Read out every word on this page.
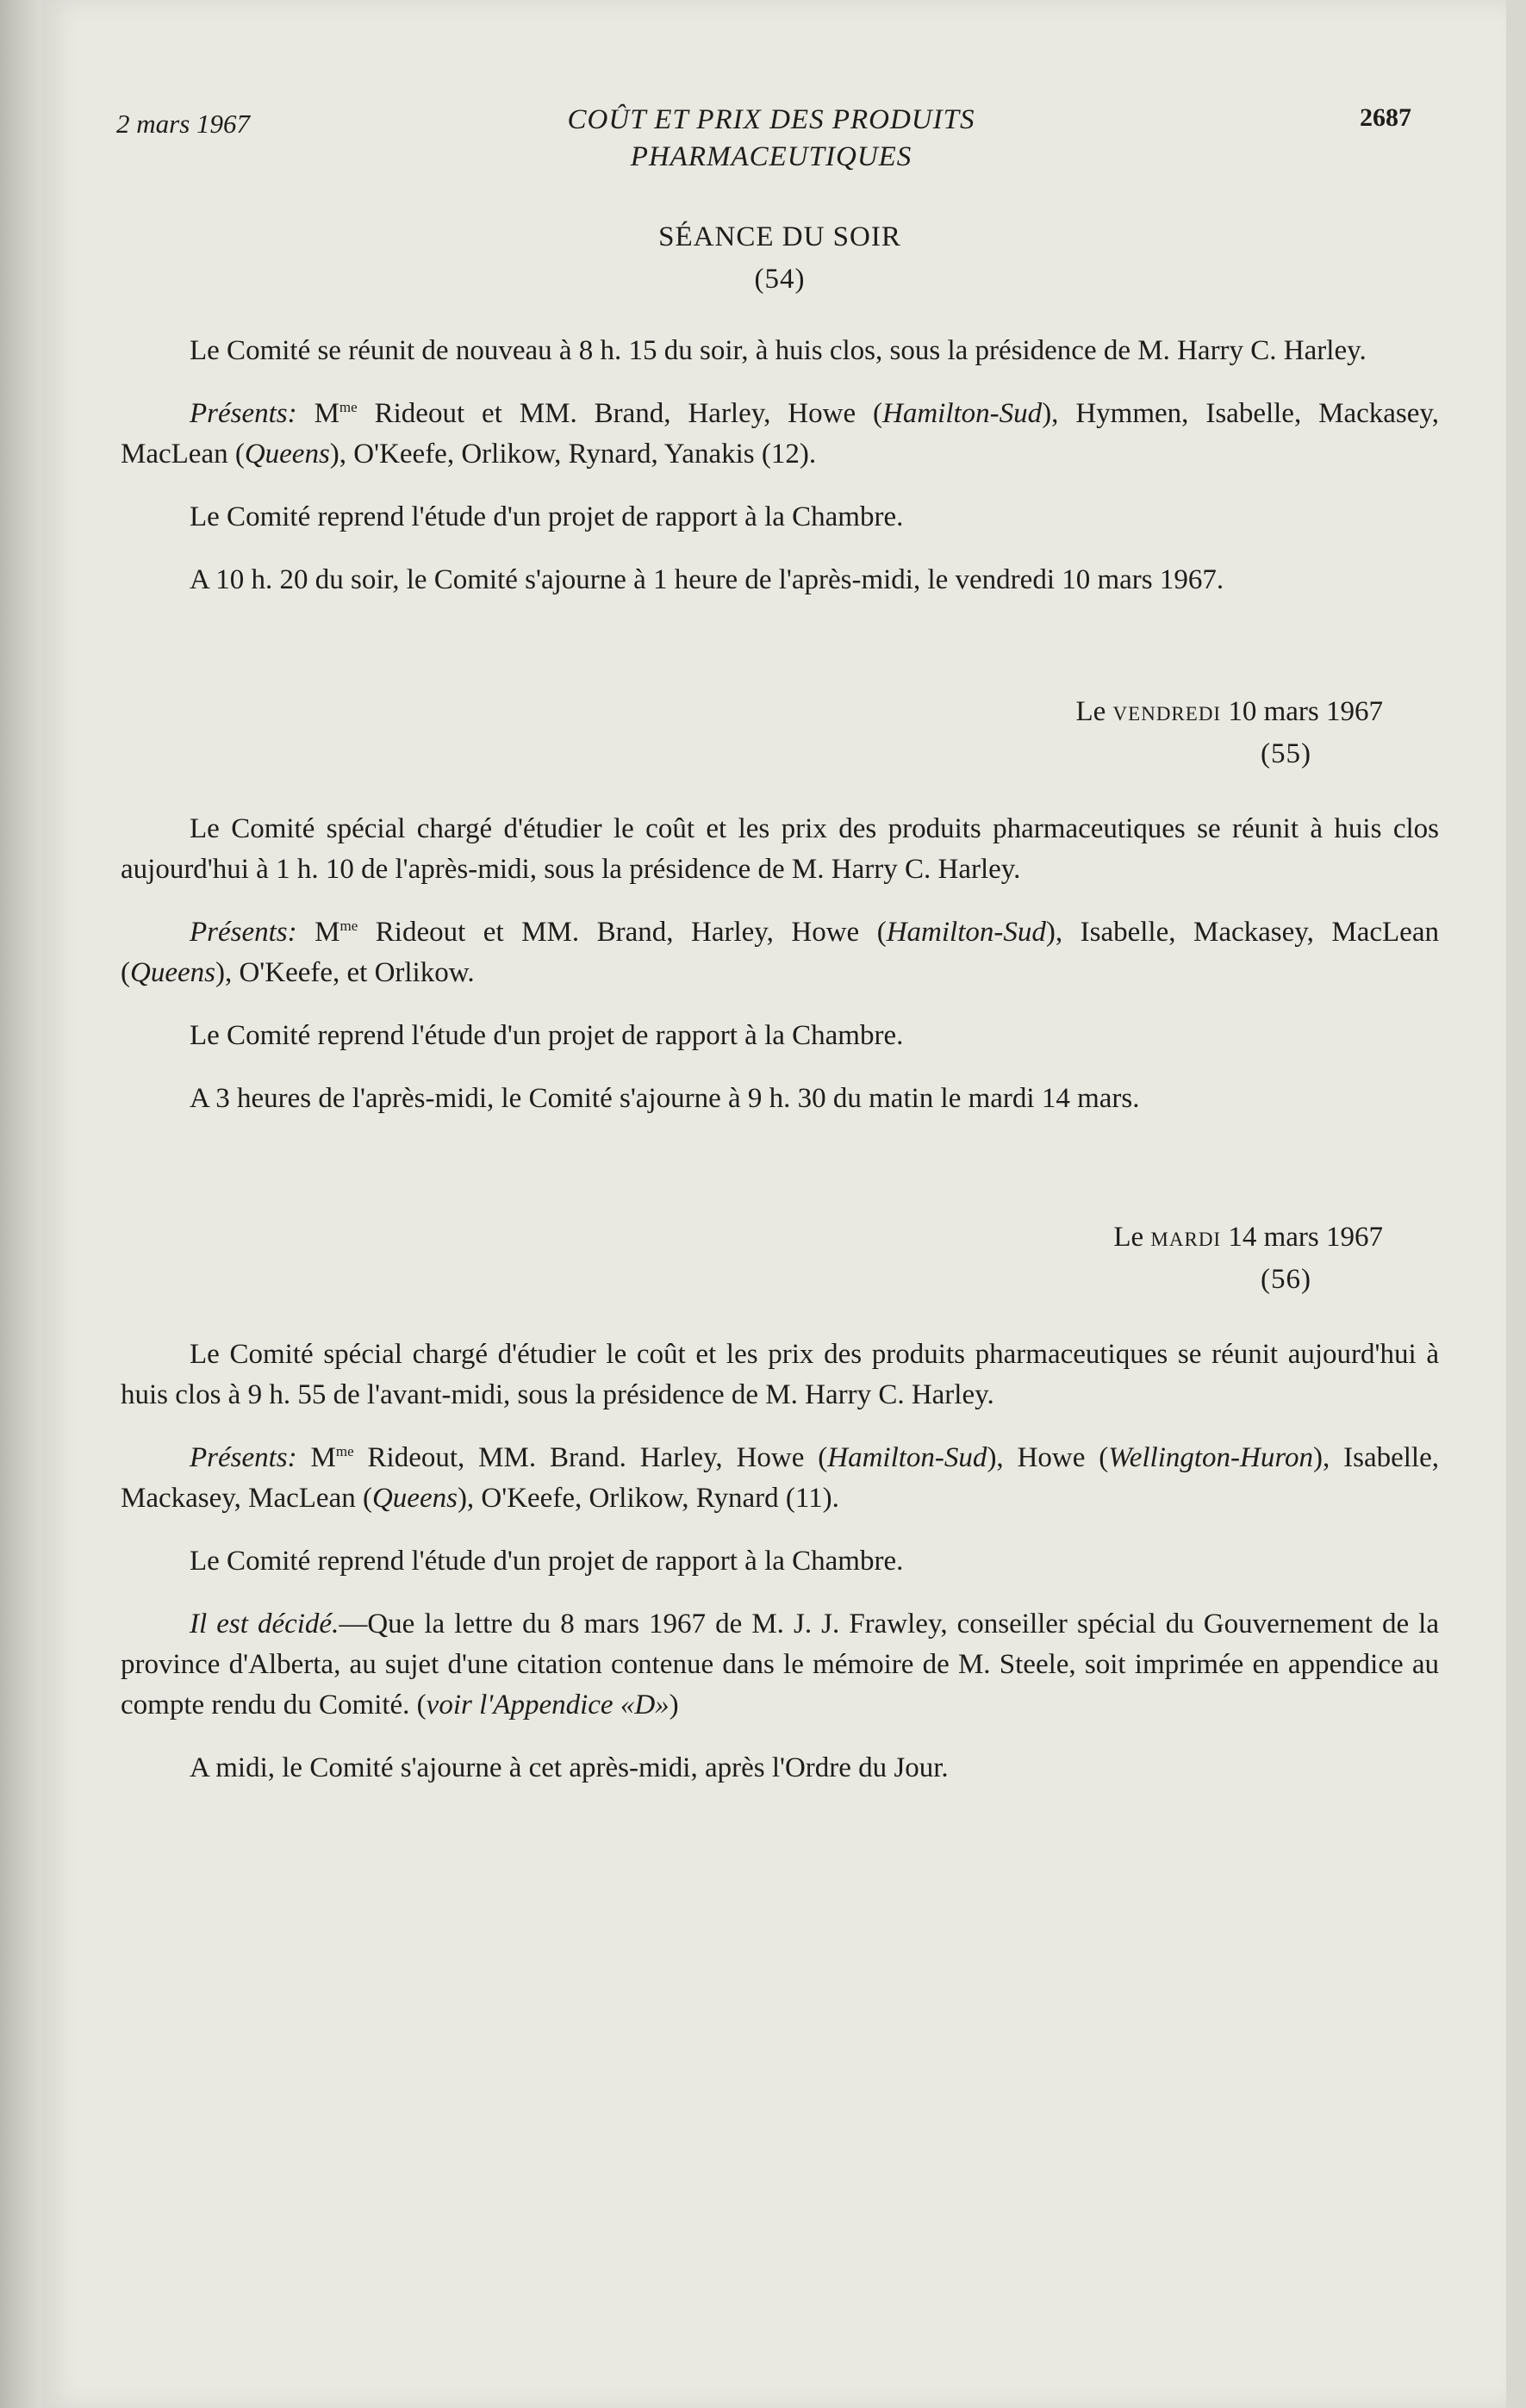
2 mars 1967	COÛT ET PRIX DES PRODUITS
PHARMACEUTIQUES
2687

SÉANCE DU SOIR

(54)

Le Comité se réunit de nouveau à 8 h. 15 du soir, à huis clos, sous la présidence de M. Harry C. Harley.

Présents: $M^{me}$ Rideout et MM. Brand, Harley, Howe (Hamilton-Sud), Hymmen, Isabelle, Mackasey, MacLean (Queens), O'Keefe, Orlikow, Rynard, Yanakis (12).

Le Comité reprend l'étude d'un projet de rapport à la Chambre.

A 10 h. 20 du soir, le Comité s'ajourne à 1 heure de l'après-midi, le vendredi 10 mars 1967.

Le vendredi 10 mars 1967

(55)

Le Comité spécial chargé d'étudier le coût et les prix des produits pharmaceutiques se réunit à huis clos aujourd'hui à 1 h. 10 de l'après-midi, sous la présidence de M. Harry C. Harley.

Présents: $M^{me}$ Rideout et MM. Brand, Harley, Howe (Hamilton-Sud), Isabelle, Mackasey, MacLean (Queens), O'Keefe, et Orlikow.

Le Comité reprend l'étude d'un projet de rapport à la Chambre.

A 3 heures de l'après-midi, le Comité s'ajourne à 9 h. 30 du matin le mardi 14 mars.

Le mardi 14 mars 1967

(56)

Le Comité spécial chargé d'étudier le coût et les prix des produits pharmaceutiques se réunit aujourd'hui à huis clos à 9 h. 55 de l'avant-midi, sous la présidence de M. Harry C. Harley.

Présents: $M^{me}$ Rideout, MM. Brand. Harley, Howe (Hamilton-Sud), Howe (Wellington-Huron), Isabelle, Mackasey, MacLean (Queens), O'Keefe, Orlikow, Rynard (11).

Le Comité reprend l'étude d'un projet de rapport à la Chambre.

Il est décidé.—Que la lettre du 8 mars 1967 de M. J. J. Frawley, conseiller spécial du Gouvernement de la province d'Alberta, au sujet d'une citation contenue dans le mémoire de M. Steele, soit imprimée en appendice au compte rendu du Comité. (voir l'Appendice «D»)

A midi, le Comité s'ajourne à cet après-midi, après l'Ordre du Jour.
